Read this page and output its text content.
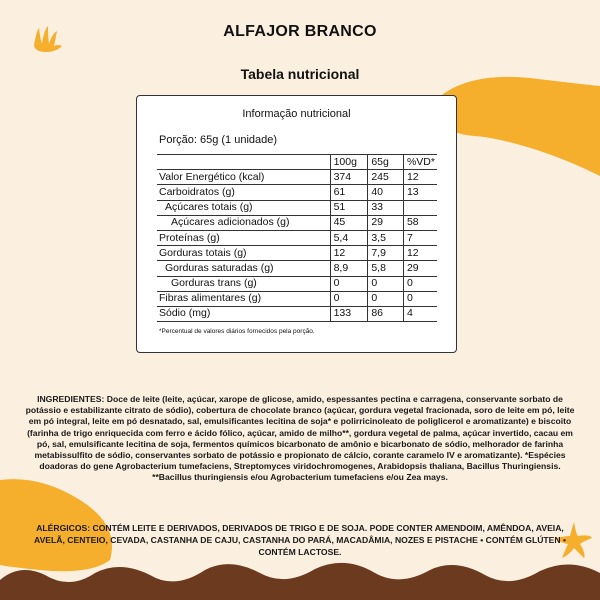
ALFAJOR BRANCO
Tabela nutricional
Informação nutricional
Porção: 65g (1 unidade)
	100g	65g	%VD*
Valor Energético (kcal)	374	245	12
Carboidratos (g)	61	40	13
Açúcares totais (g)	51	33	
Açúcares adicionados (g)	45	29	58
Proteínas (g)	5,4	3,5	7
Gorduras totais (g)	12	7,9	12
Gorduras saturadas (g)	8,9	5,8	29
Gorduras trans (g)	0	0	0
Fibras alimentares (g)	0	0	0
Sódio (mg)	133	86	4
*Percentual de valores diários fornecidos pela porção.
INGREDIENTES: Doce de leite (leite, açúcar, xarope de glicose, amido, espessantes pectina e carragena, conservante sorbato de potássio e estabilizante citrato de sódio), cobertura de chocolate branco (açúcar, gordura vegetal fracionada, soro de leite em pó, leite em pó integral, leite em pó desnatado, sal, emulsificantes lecitina de soja* e polirricinoleato de poliglicerol e aromatizante) e biscoito (farinha de trigo enriquecida com ferro e ácido fólico, açúcar, amido de milho**, gordura vegetal de palma, açúcar invertido, cacau em pó, sal, emulsificante lecitina de soja, fermentos químicos bicarbonato de amônio e bicarbonato de sódio, melhorador de farinha metabissulfito de sódio, conservantes sorbato de potássio e propionato de cálcio, corante caramelo IV e aromatizante). *Espécies doadoras do gene Agrobacterium tumefaciens, Streptomyces viridochromogenes, Arabidopsis thaliana, Bacillus Thuringiensis. **Bacillus thuringiensis e/ou Agrobacterium tumefaciens e/ou Zea mays.
ALÉRGICOS: CONTÉM LEITE E DERIVADOS, DERIVADOS DE TRIGO E DE SOJA. PODE CONTER AMENDOIM, AMÊNDOA, AVEIA, AVELÃ, CENTEIO, CEVADA, CASTANHA DE CAJU, CASTANHA DO PARÁ, MACADÂMIA, NOZES E PISTACHE • CONTÉM GLÚTEN • CONTÉM LACTOSE.
